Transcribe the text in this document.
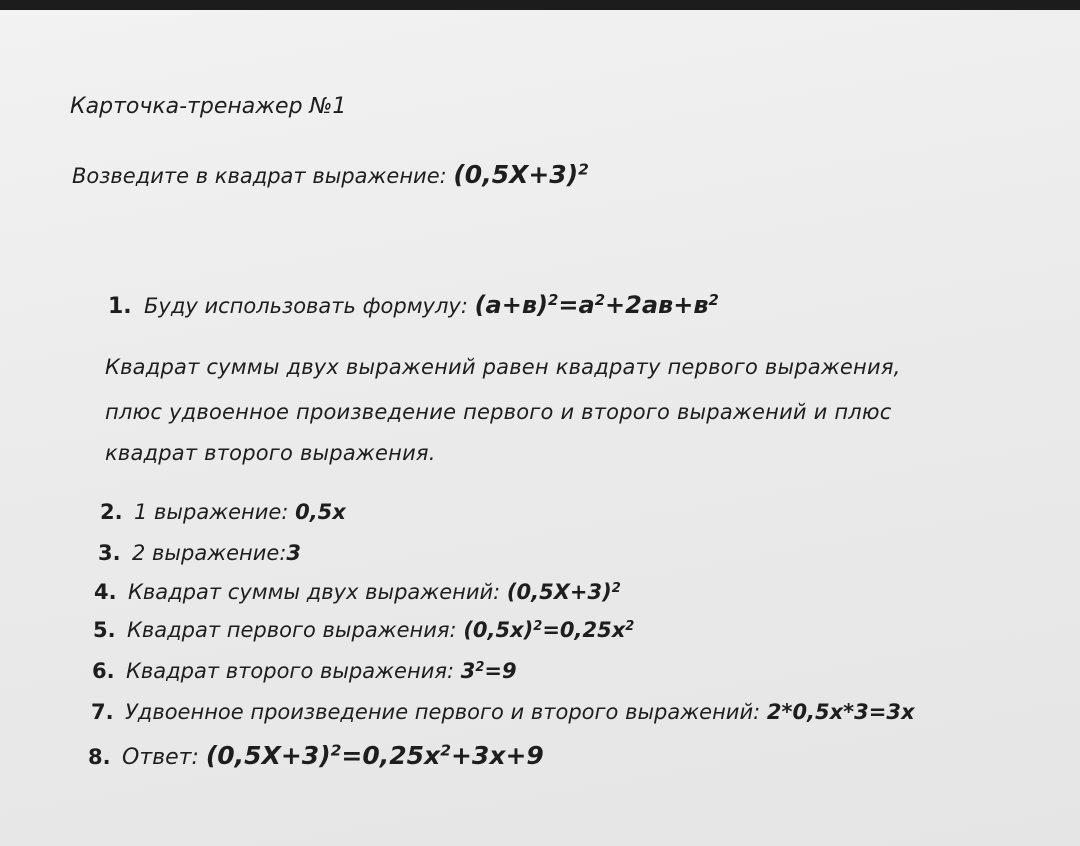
Карточка-тренажер №1
Возведите в квадрат выражение: $(0,5X+3)^2$
1. Буду использовать формулу: $(а+в)^2=а^2+2ав+в^2$
Квадрат суммы двух выражений равен квадрату первого выражения,
плюс удвоенное произведение первого и второго выражений и плюс
квадрат второго выражения.
2. 1 выражение: 0,5х
3. 2 выражение:3
4. Квадрат суммы двух выражений: $(0,5Х+3)^2$
5. Квадрат первого выражения: $(0,5х)^2=0,25х^2$
6. Квадрат второго выражения: $3^2=9$
7. Удвоенное произведение первого и второго выражений: 2*0,5х*3=3х
8. Ответ: $(0,5Х+3)^2=0,25х^2+3х+9$
